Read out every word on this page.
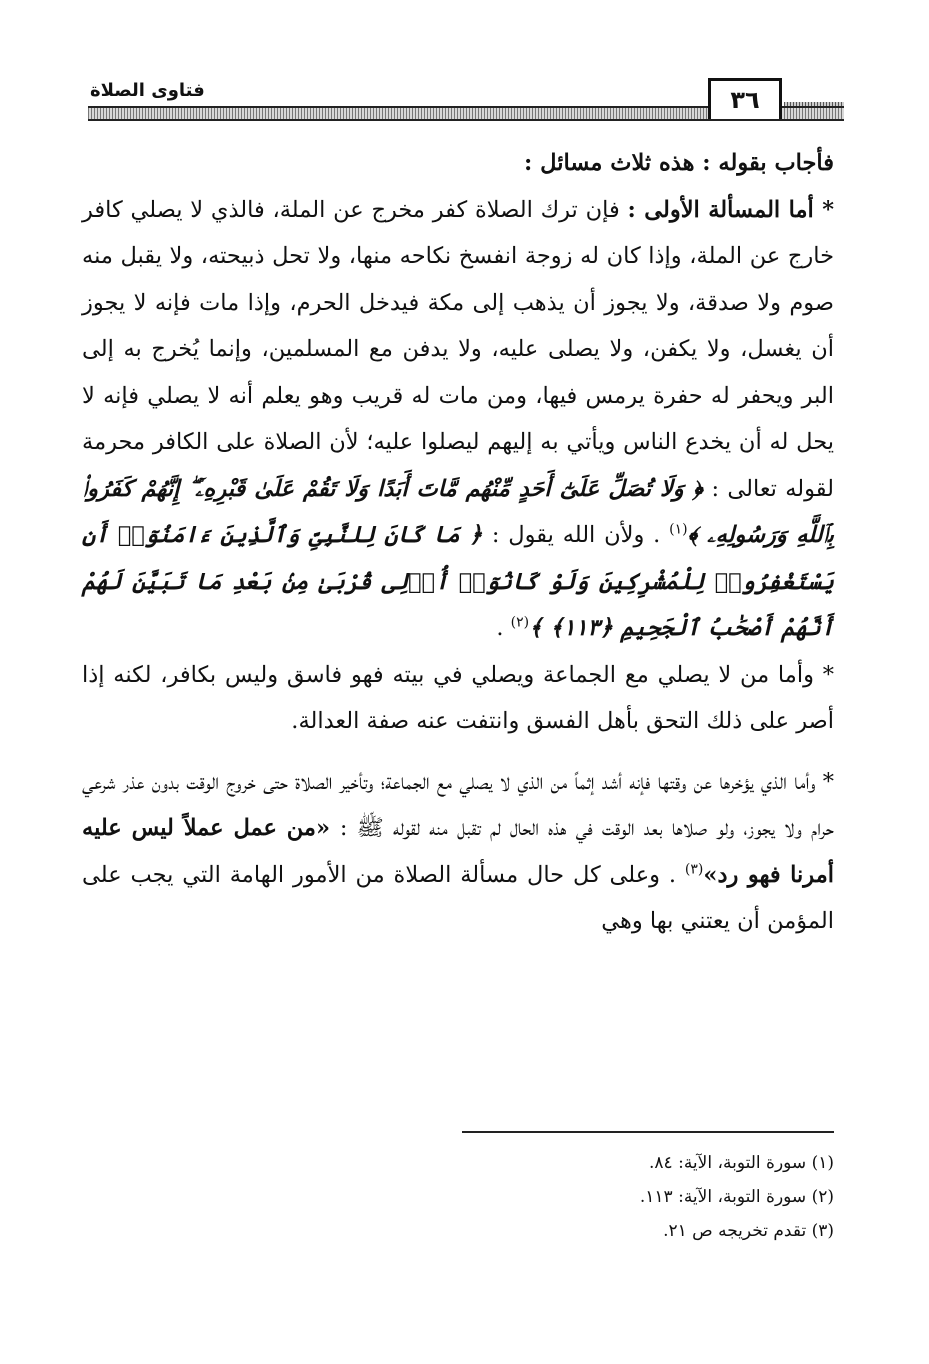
فتاوى الصلاة	٣٦

فأجاب بقوله : هذه ثلاث مسائل :

* أما المسألة الأولى : فإن ترك الصلاة كفر مخرج عن الملة، فالذي لا يصلي كافر خارج عن الملة، وإذا كان له زوجة انفسخ نكاحه منها، ولا تحل ذبيحته، ولا يقبل منه صوم ولا صدقة، ولا يجوز أن يذهب إلى مكة فيدخل الحرم، وإذا مات فإنه لا يجوز أن يغسل، ولا يكفن، ولا يصلى عليه، ولا يدفن مع المسلمين، وإنما يُخرج به إلى البر ويحفر له حفرة يرمس فيها، ومن مات له قريب وهو يعلم أنه لا يصلي فإنه لا يحل له أن يخدع الناس ويأتي به إليهم ليصلوا عليه؛ لأن الصلاة على الكافر محرمة لقوله تعالى : ﴿ وَلَا تُصَلِّ عَلَىٰٓ أَحَدٍ مِّنْهُم مَّاتَ أَبَدًا وَلَا تَقُمْ عَلَىٰ قَبْرِهِۦٓ ۖ إِنَّهُمْ كَفَرُوا۟ بِٱللَّهِ وَرَسُولِهِۦ ﴾$^{(١)}$ . ولأن الله يقول : ﴿ مَا كَانَ لِلنَّبِىِّ وَٱلَّذِينَ ءَامَنُوٓا۟ أَن يَسْتَغْفِرُوا۟ لِلْمُشْرِكِينَ وَلَوْ كَانُوٓا۟ أُو۟لِى قُرْبَىٰ مِنۢ بَعْدِ مَا تَبَيَّنَ لَهُمْ أَنَّهُمْ أَصْحَٰبُ ٱلْجَحِيمِ ﴿١١٣﴾ ﴾$^{(٢)}$ .

* وأما من لا يصلي مع الجماعة ويصلي في بيته فهو فاسق وليس بكافر، لكنه إذا أصر على ذلك التحق بأهل الفسق وانتفت عنه صفة العدالة.

* وأما الذي يؤخرها عن وقتها فإنه أشد إثماً من الذي لا يصلي مع الجماعة؛ وتأخير الصلاة حتى خروج الوقت بدون عذر شرعي حرام ولا يجوز، ولو صلاها بعد الوقت في هذه الحال لم تقبل منه لقوله ﷺ : «من عمل عملاً ليس عليه أمرنا فهو رد»$^{(٣)}$ . وعلى كل حال مسألة الصلاة من الأمور الهامة التي يجب على المؤمن أن يعتني بها وهي

(١) سورة التوبة، الآية: ٨٤.
(٢) سورة التوبة، الآية: ١١٣.
(٣) تقدم تخريجه ص ٢١.
